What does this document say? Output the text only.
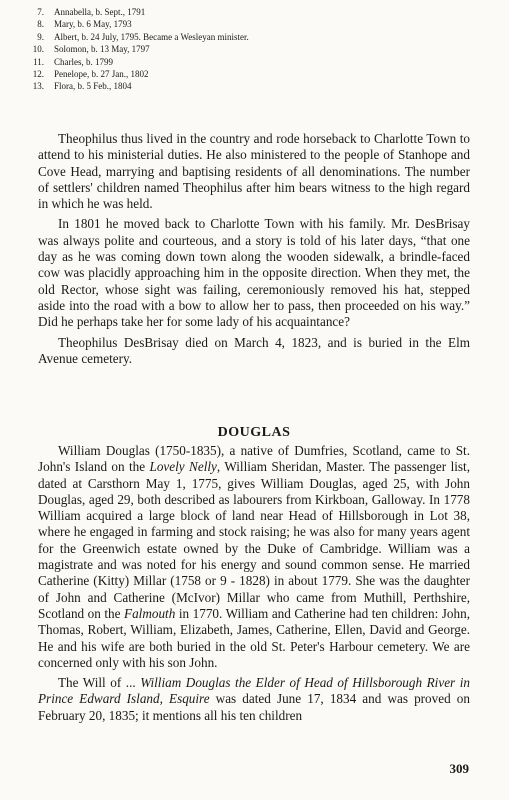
7.	Annabella, b. Sept., 1791
8.	Mary, b. 6 May, 1793
9.	Albert, b. 24 July, 1795. Became a Wesleyan minister.
10.	Solomon, b. 13 May, 1797
11.	Charles, b. 1799
12.	Penelope, b. 27 Jan., 1802
13.	Flora, b. 5 Feb., 1804

Theophilus thus lived in the country and rode horseback to Charlotte Town to attend to his ministerial duties. He also ministered to the people of Stanhope and Cove Head, marrying and baptising residents of all denominations. The number of settlers' children named Theophilus after him bears witness to the high regard in which he was held.

In 1801 he moved back to Charlotte Town with his family. Mr. DesBrisay was always polite and courteous, and a story is told of his later days, “that one day as he was coming down town along the wooden sidewalk, a brindle-faced cow was placidly approaching him in the opposite direction. When they met, the old Rector, whose sight was failing, ceremoniously removed his hat, stepped aside into the road with a bow to allow her to pass, then proceeded on his way.” Did he perhaps take her for some lady of his acquaintance?

Theophilus DesBrisay died on March 4, 1823, and is buried in the Elm Avenue cemetery.

DOUGLAS

William Douglas (1750-1835), a native of Dumfries, Scotland, came to St. John's Island on the Lovely Nelly, William Sheridan, Master. The passenger list, dated at Carsthorn May 1, 1775, gives William Douglas, aged 25, with John Douglas, aged 29, both described as labourers from Kirkboan, Galloway. In 1778 William acquired a large block of land near Head of Hillsborough in Lot 38, where he engaged in farming and stock raising; he was also for many years agent for the Greenwich estate owned by the Duke of Cambridge. William was a magistrate and was noted for his energy and sound common sense. He married Catherine (Kitty) Millar (1758 or 9 - 1828) in about 1779. She was the daughter of John and Catherine (McIvor) Millar who came from Muthill, Perthshire, Scotland on the Falmouth in 1770. William and Catherine had ten children: John, Thomas, Robert, William, Elizabeth, James, Catherine, Ellen, David and George. He and his wife are both buried in the old St. Peter's Harbour cemetery. We are concerned only with his son John.

The Will of ... William Douglas the Elder of Head of Hillsborough River in Prince Edward Island, Esquire was dated June 17, 1834 and was proved on February 20, 1835; it mentions all his ten children

309
